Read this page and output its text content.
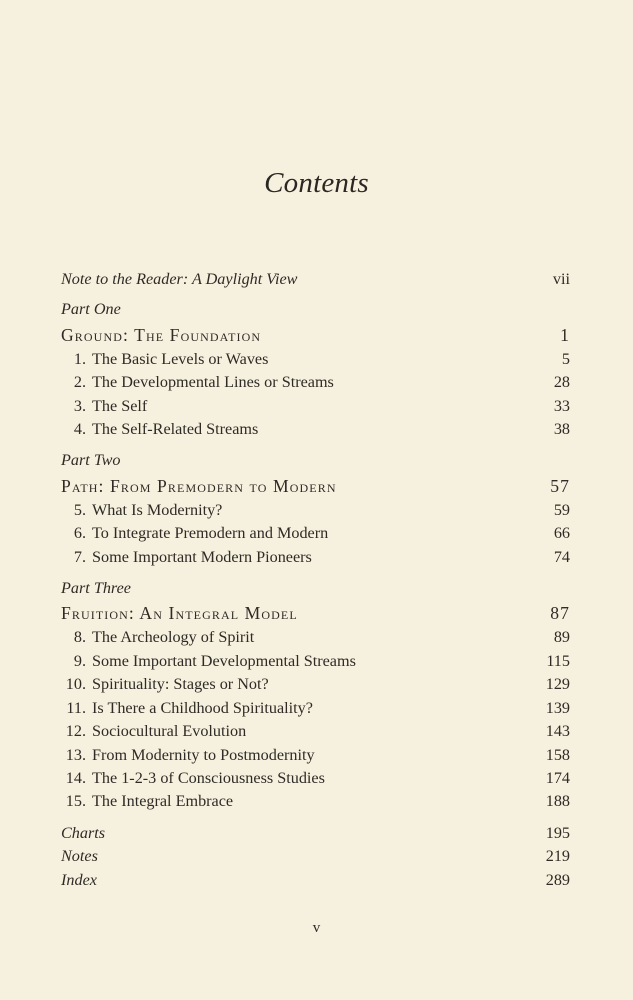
Contents
Note to the Reader: A Daylight View	vii
Part One
Ground: The Foundation	1
1. The Basic Levels or Waves	5
2. The Developmental Lines or Streams	28
3. The Self	33
4. The Self-Related Streams	38
Part Two
Path: From Premodern to Modern	57
5. What Is Modernity?	59
6. To Integrate Premodern and Modern	66
7. Some Important Modern Pioneers	74
Part Three
Fruition: An Integral Model	87
8. The Archeology of Spirit	89
9. Some Important Developmental Streams	115
10. Spirituality: Stages or Not?	129
11. Is There a Childhood Spirituality?	139
12. Sociocultural Evolution	143
13. From Modernity to Postmodernity	158
14. The 1-2-3 of Consciousness Studies	174
15. The Integral Embrace	188
Charts	195
Notes	219
Index	289
v
